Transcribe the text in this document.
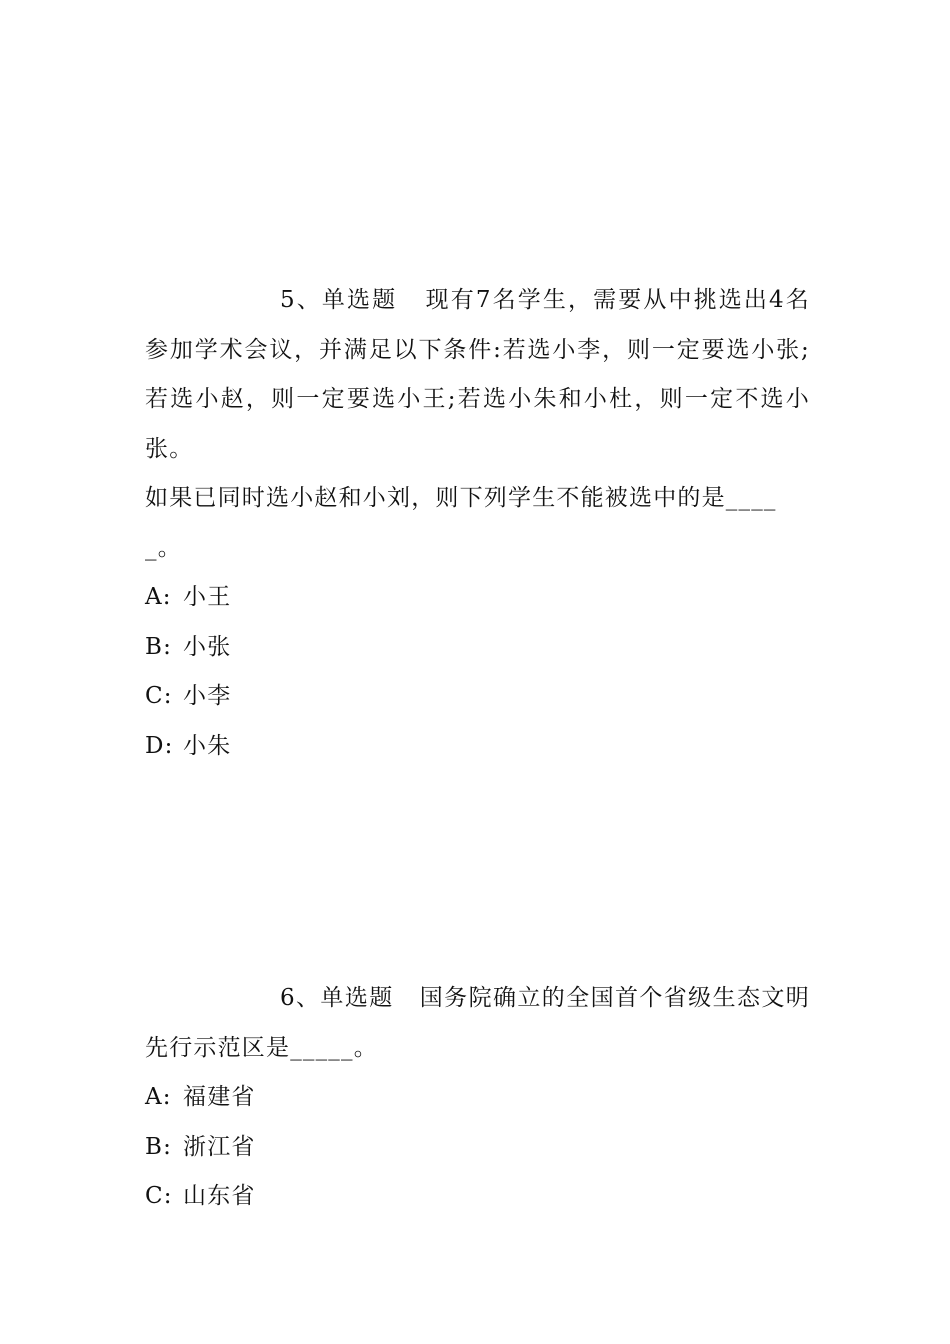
5、单选题 现有7名学生，需要从中挑选出4名参加学术会议，并满足以下条件:若选小李，则一定要选小张;若选小赵，则一定要选小王;若选小朱和小杜，则一定不选小张。

如果已同时选小赵和小刘，则下列学生不能被选中的是_____。

A: 小王
B: 小张
C: 小李
D: 小朱

6、单选题 国务院确立的全国首个省级生态文明先行示范区是_____。

A: 福建省
B: 浙江省
C: 山东省
